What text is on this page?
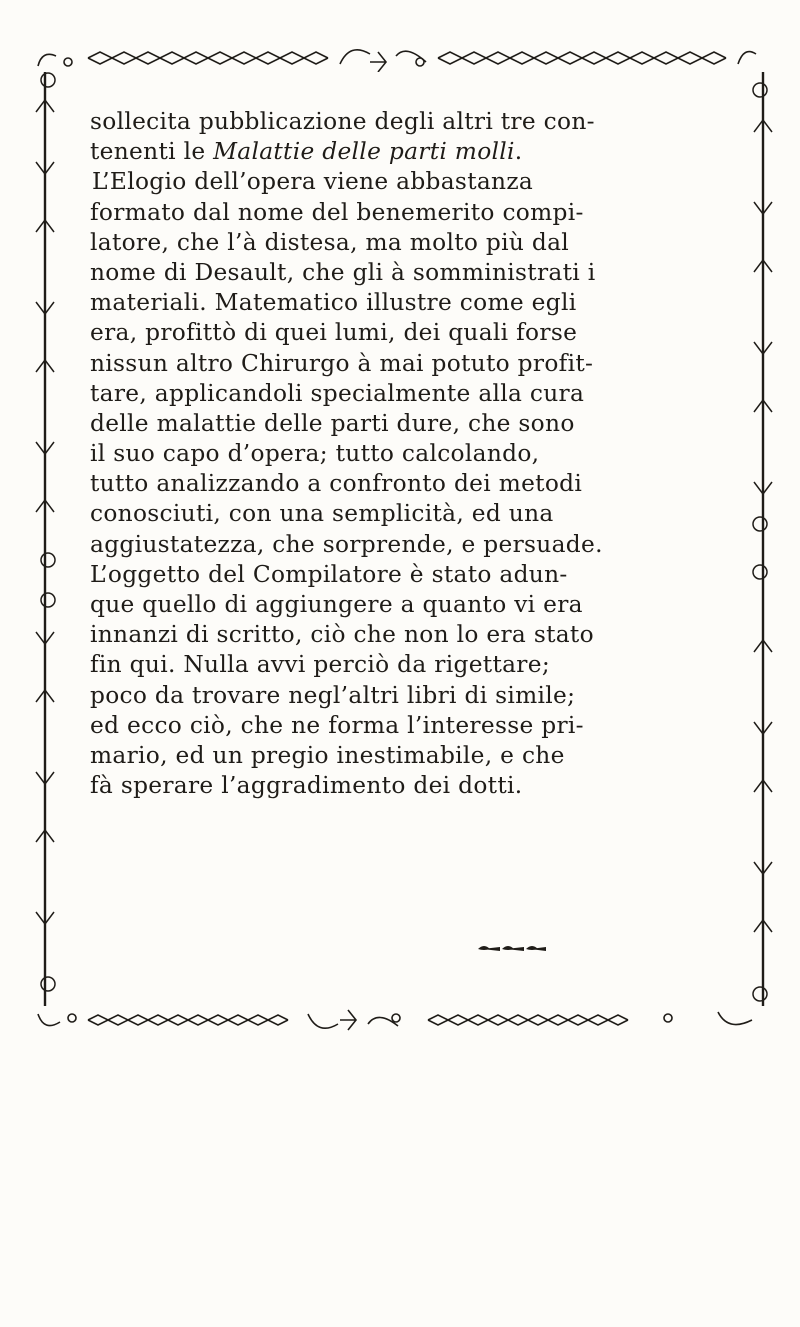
sollecita pubblicazione degli altri tre con-
tenenti le Malattie delle parti molli.
L’Elogio dell’opera viene abbastanza
formato dal nome del benemerito compi-
latore, che l’à distesa, ma molto più dal
nome di Desault, che gli à somministrati i
materiali. Matematico illustre come egli
era, profittò di quei lumi, dei quali forse
nissun altro Chirurgo à mai potuto profit-
tare, applicandoli specialmente alla cura
delle malattie delle parti dure, che sono
il suo capo d’opera; tutto calcolando,
tutto analizzando a confronto dei metodi
conosciuti, con una semplicità, ed una
aggiustatezza, che sorprende, e persuade.
L’oggetto del Compilatore è stato adun-
que quello di aggiungere a quanto vi era
innanzi di scritto, ciò che non lo era stato
fin qui. Nulla avvi perciò da rigettare;
poco da trovare negl’altri libri di simile;
ed ecco ciò, che ne forma l’interesse pri-
mario, ed un pregio inestimabile, e che
fà sperare l’aggradimento dei dotti.
